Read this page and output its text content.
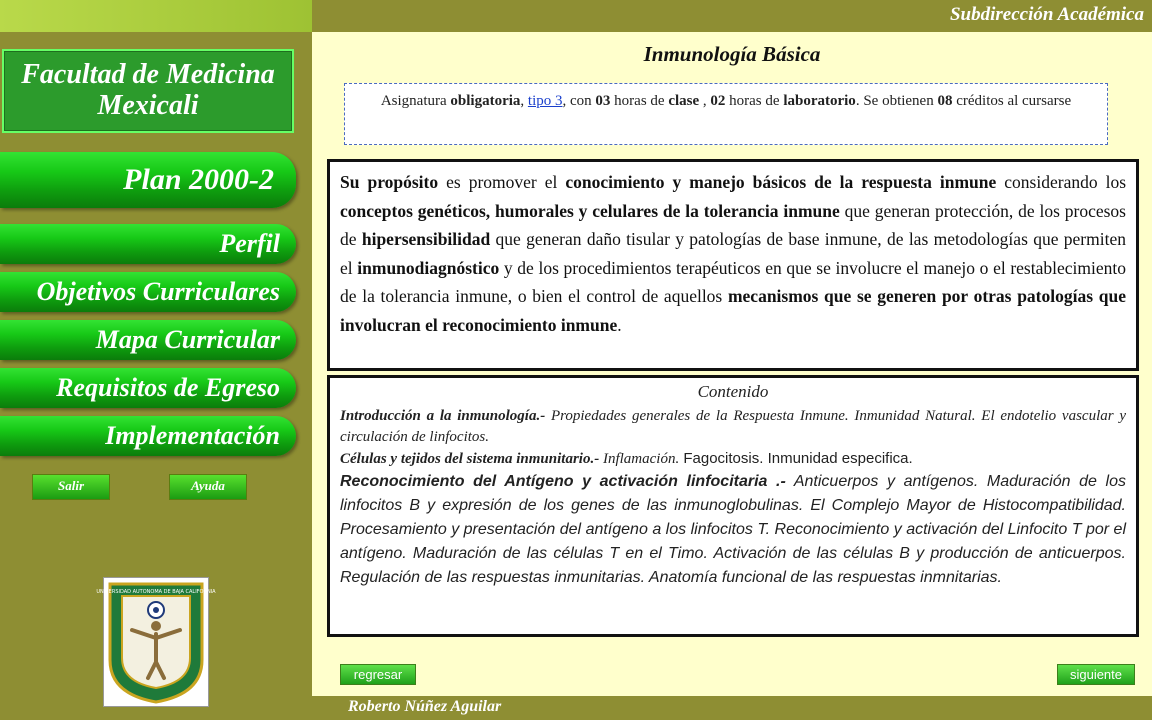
Subdirección Académica
Facultad de Medicina
Mexicali
Plan 2000-2
Perfil
Objetivos Curriculares
Mapa Curricular
Requisitos de Egreso
Implementación
Salir	Ayuda
UNIVERSIDAD AUTONOMA DE BAJA CALIFORNIA
Inmunología Básica
Asignatura obligatoria, tipo 3, con 03 horas de clase , 02 horas de laboratorio. Se obtienen 08 créditos al cursarse
Su propósito es promover el conocimiento y manejo básicos de la respuesta inmune considerando los conceptos genéticos, humorales y celulares de la tolerancia inmune que generan protección, de los procesos de hipersensibilidad que generan daño tisular y patologías de base inmune, de las metodologías que permiten el inmunodiagnóstico y de los procedimientos terapéuticos en que se involucre el manejo o el restablecimiento de la tolerancia inmune, o bien el control de aquellos mecanismos que se generen por otras patologías que involucran el reconocimiento inmune.
Contenido
Introducción a la inmunología.- Propiedades generales de la Respuesta Inmune. Inmunidad Natural. El endotelio vascular y circulación de linfocitos.
Células y tejidos del sistema inmunitario.- Inflamación. Fagocitosis. Inmunidad especifica.
Reconocimiento del Antígeno y activación linfocitaria .- Anticuerpos y antígenos. Maduración de los linfocitos B y expresión de los genes de las inmunoglobulinas. El Complejo Mayor de Histocompatibilidad. Procesamiento y presentación del antígeno a los linfocitos T. Reconocimiento y activación del Linfocito T por el antígeno. Maduración de las células T en el Timo. Activación de las células B y producción de anticuerpos. Regulación de las respuestas inmunitarias. Anatomía funcional de las respuestas inmnitarias.
regresar	siguiente
Roberto Núñez Aguilar
